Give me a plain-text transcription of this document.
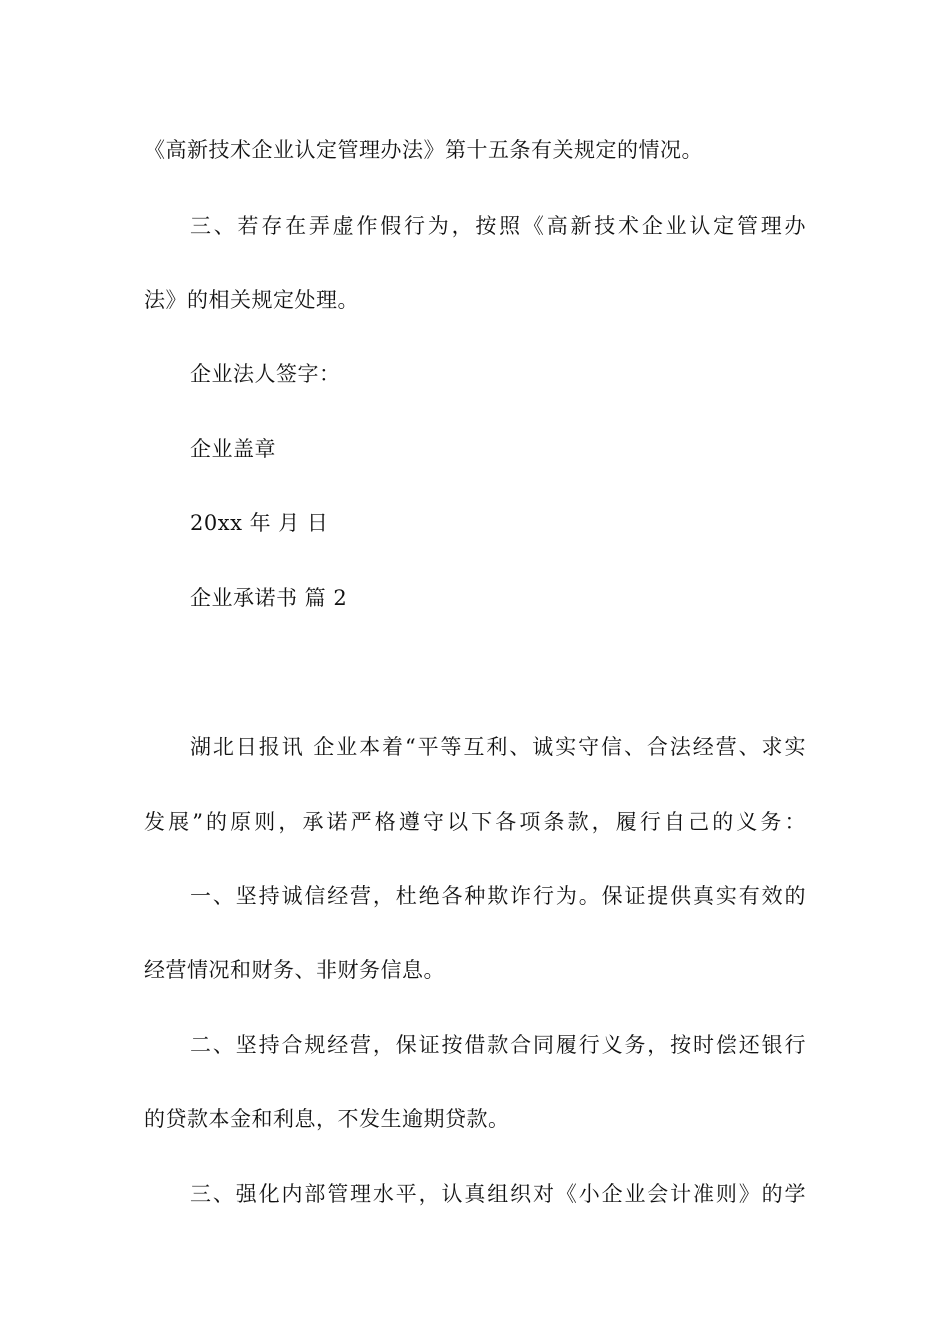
《高新技术企业认定管理办法》第十五条有关规定的情况。
三、若存在弄虚作假行为，按照《高新技术企业认定管理办
法》的相关规定处理。
企业法人签字：
企业盖章
20xx 年 月 日
企业承诺书 篇 2
湖北日报讯 企业本着“平等互利、诚实守信、合法经营、求实
发展”的原则，承诺严格遵守以下各项条款，履行自己的义务：
一、坚持诚信经营，杜绝各种欺诈行为。保证提供真实有效的
经营情况和财务、非财务信息。
二、坚持合规经营，保证按借款合同履行义务，按时偿还银行
的贷款本金和利息，不发生逾期贷款。
三、强化内部管理水平，认真组织对《小企业会计准则》的学
